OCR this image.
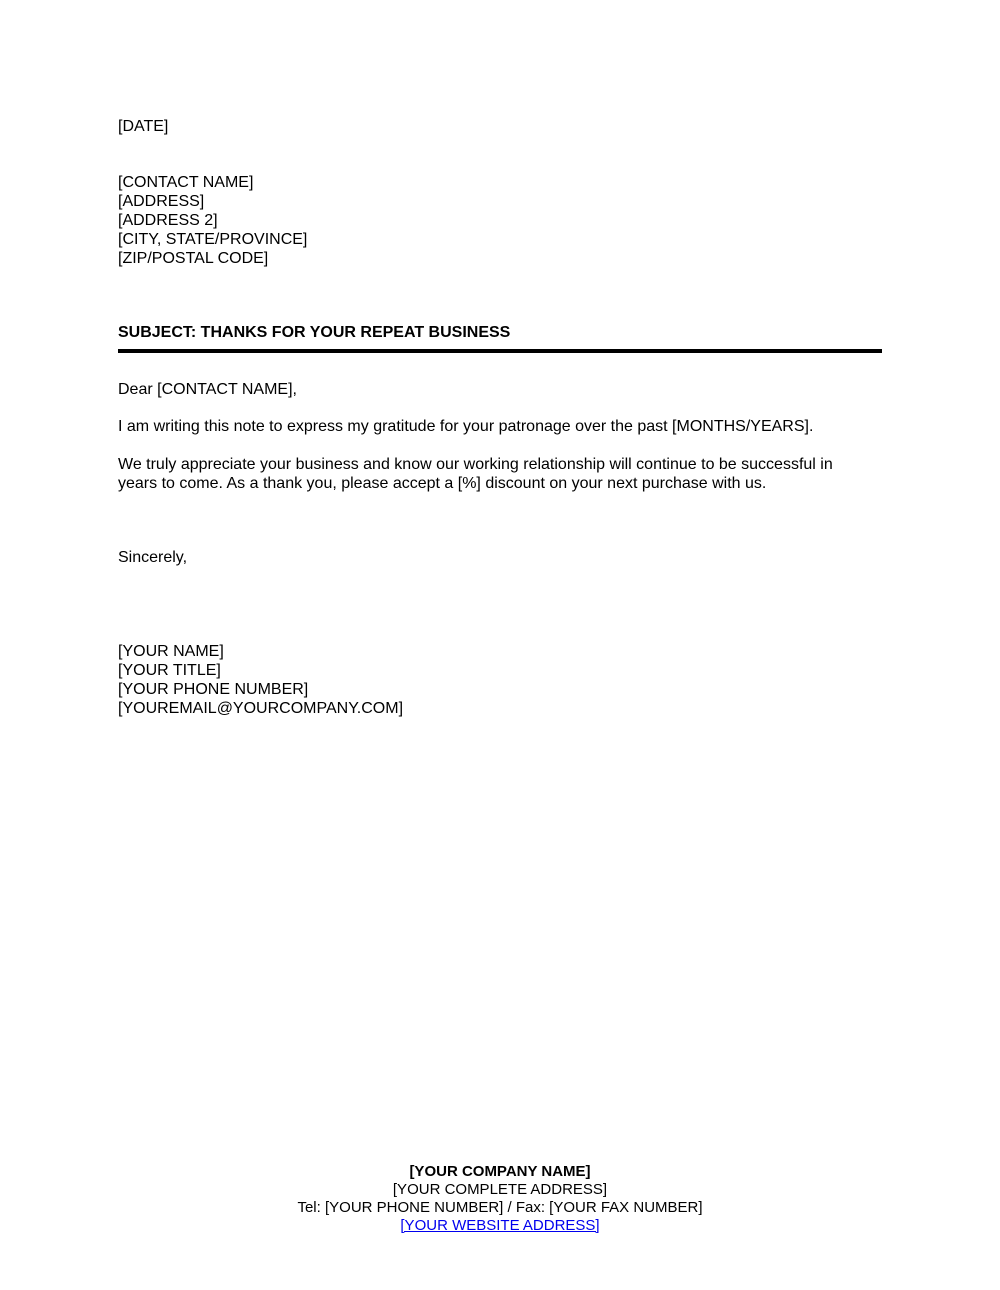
[DATE]
[CONTACT NAME]
[ADDRESS]
[ADDRESS 2]
[CITY, STATE/PROVINCE]
[ZIP/POSTAL CODE]
SUBJECT: THANKS FOR YOUR REPEAT BUSINESS
Dear [CONTACT NAME],
I am writing this note to express my gratitude for your patronage over the past [MONTHS/YEARS].
We truly appreciate your business and know our working relationship will continue to be successful in
years to come. As a thank you, please accept a [%] discount on your next purchase with us.
Sincerely,
[YOUR NAME]
[YOUR TITLE]
[YOUR PHONE NUMBER]
[YOUREMAIL@YOURCOMPANY.COM]
[YOUR COMPANY NAME]
[YOUR COMPLETE ADDRESS]
Tel: [YOUR PHONE NUMBER] / Fax: [YOUR FAX NUMBER]
[YOUR WEBSITE ADDRESS]
